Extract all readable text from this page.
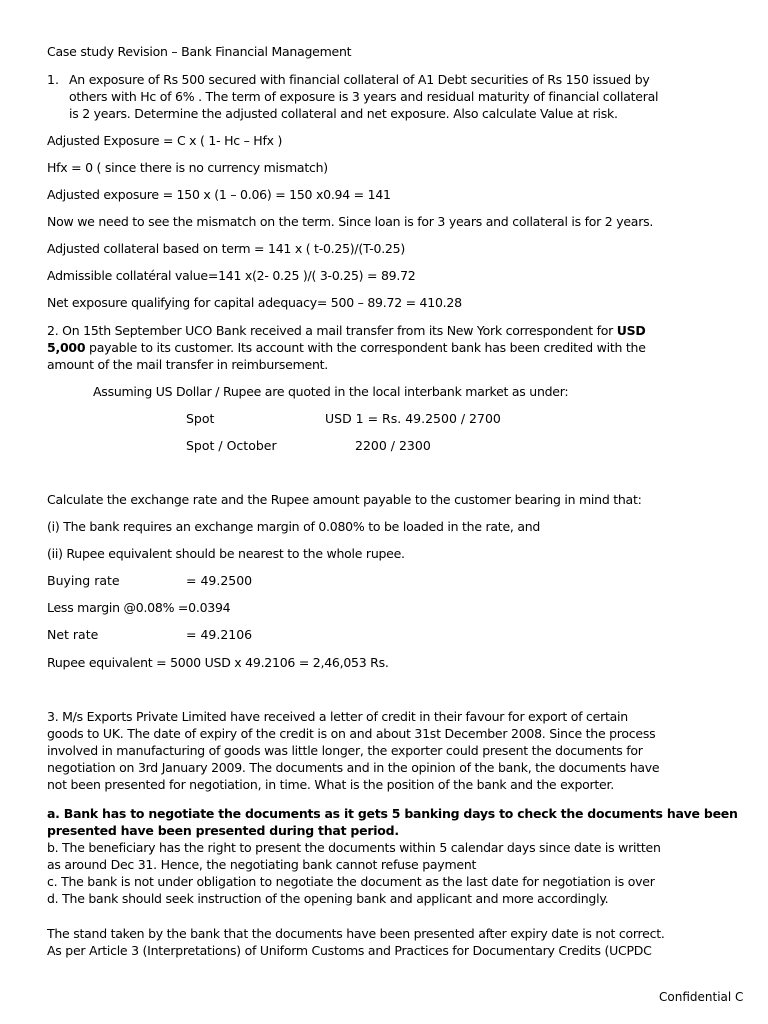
Case study Revision – Bank Financial Management

1. An exposure of Rs 500 secured with financial collateral of A1 Debt securities of Rs 150 issued by
others with Hc of 6% . The term of exposure is 3 years and residual maturity of financial collateral
is 2 years. Determine the adjusted collateral and net exposure. Also calculate Value at risk.

Adjusted Exposure = C x ( 1- Hc – Hfx )

Hfx = 0 ( since there is no currency mismatch)

Adjusted exposure = 150 x (1 – 0.06) = 150 x0.94 = 141

Now we need to see the mismatch on the term. Since loan is for 3 years and collateral is for 2 years.

Adjusted collateral based on term = 141 x ( t-0.25)/(T-0.25)

Admissible collatéral value=141 x(2- 0.25 )/( 3-0.25) = 89.72

Net exposure qualifying for capital adequacy= 500 – 89.72 = 410.28

2. On 15th September UCO Bank received a mail transfer from its New York correspondent for USD

5,000 payable to its customer. Its account with the correspondent bank has been credited with the

amount of the mail transfer in reimbursement.

Assuming US Dollar / Rupee are quoted in the local interbank market as under:

Spot	USD 1 = Rs. 49.2500 / 2700
Spot / October	2200 / 2300

Calculate the exchange rate and the Rupee amount payable to the customer bearing in mind that:

(i) The bank requires an exchange margin of 0.080% to be loaded in the rate, and

(ii) Rupee equivalent should be nearest to the whole rupee.

Buying rate	= 49.2500

Less margin @0.08% =0.0394

Net rate	= 49.2106

Rupee equivalent = 5000 USD x 49.2106 = 2,46,053 Rs.

3. M/s Exports Private Limited have received a letter of credit in their favour for export of certain

goods to UK. The date of expiry of the credit is on and about 31st December 2008. Since the process

involved in manufacturing of goods was little longer, the exporter could present the documents for

negotiation on 3rd January 2009. The documents and in the opinion of the bank, the documents have

not been presented for negotiation, in time. What is the position of the bank and the exporter.

a. Bank has to negotiate the documents as it gets 5 banking days to check the documents have been

presented have been presented during that period.

b. The beneficiary has the right to present the documents within 5 calendar days since date is written

as around Dec 31. Hence, the negotiating bank cannot refuse payment

c. The bank is not under obligation to negotiate the document as the last date for negotiation is over

d. The bank should seek instruction of the opening bank and applicant and more accordingly.

The stand taken by the bank that the documents have been presented after expiry date is not correct.

As per Article 3 (Interpretations) of Uniform Customs and Practices for Documentary Credits (UCPDC

Confidential C
